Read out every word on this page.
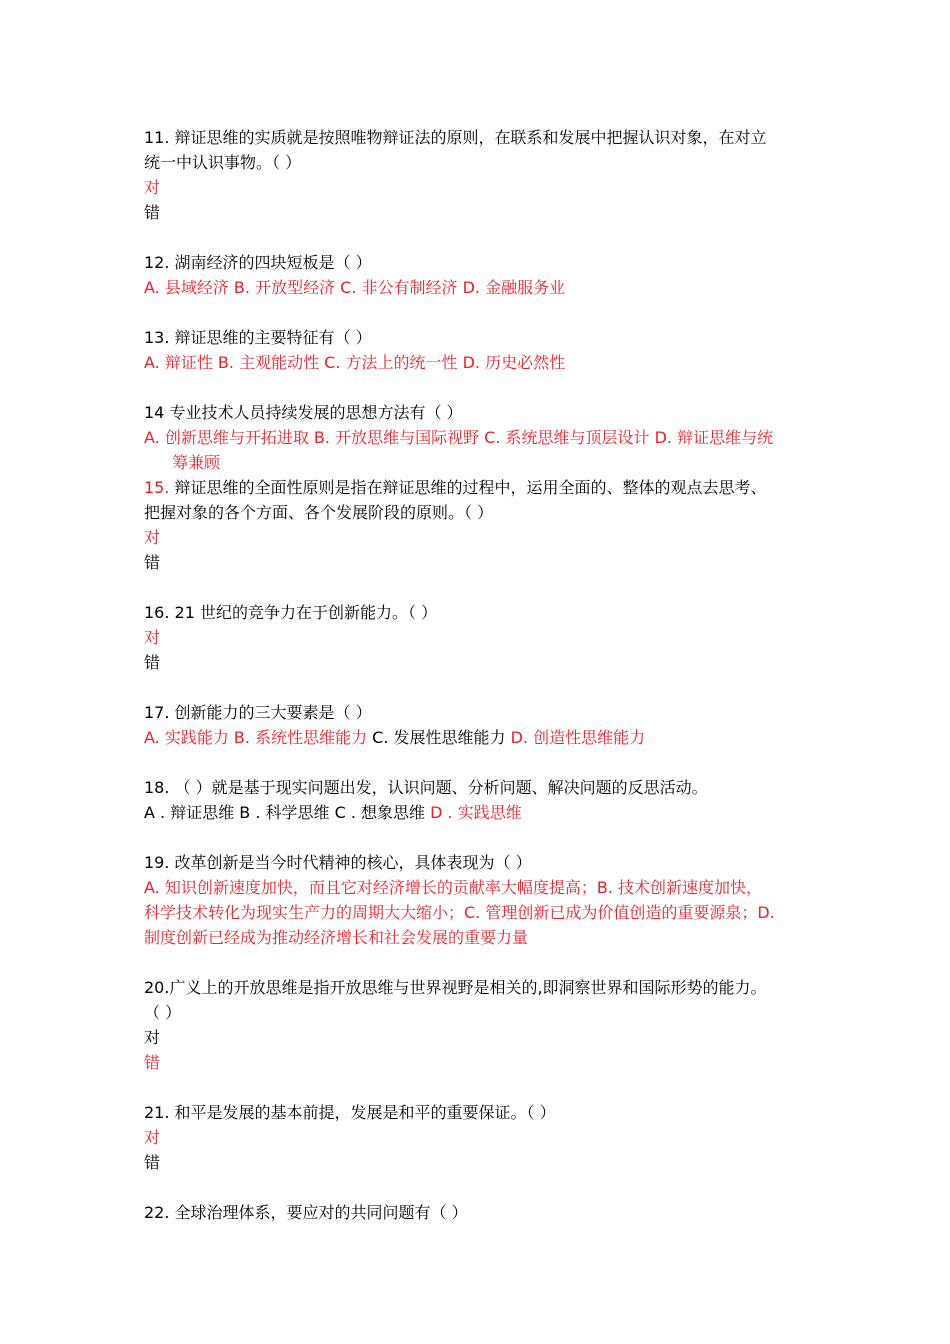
11. 辩证思维的实质就是按照唯物辩证法的原则，在联系和发展中把握认识对象，在对立
统一中认识事物。（ ）
对
错
12. 湖南经济的四块短板是（ ）
A. 县域经济 B. 开放型经济 C. 非公有制经济 D. 金融服务业
13. 辩证思维的主要特征有（ ）
A. 辩证性 B. 主观能动性 C. 方法上的统一性 D. 历史必然性
14 专业技术人员持续发展的思想方法有（ ）
A. 创新思维与开拓进取 B. 开放思维与国际视野 C. 系统思维与顶层设计 D. 辩证思维与统
筹兼顾
15. 辩证思维的全面性原则是指在辩证思维的过程中，运用全面的、整体的观点去思考、
把握对象的各个方面、各个发展阶段的原则。（ ）
对
错
16. 21 世纪的竞争力在于创新能力。（ ）
对
错
17. 创新能力的三大要素是（ ）
A. 实践能力 B. 系统性思维能力 C. 发展性思维能力 D. 创造性思维能力
18. （ ）就是基于现实问题出发，认识问题、分析问题、解决问题的反思活动。
A . 辩证思维 B . 科学思维 C . 想象思维 D . 实践思维
19. 改革创新是当今时代精神的核心，具体表现为（ ）
A. 知识创新速度加快，而且它对经济增长的贡献率大幅度提高；B. 技术创新速度加快，
科学技术转化为现实生产力的周期大大缩小；C. 管理创新已成为价值创造的重要源泉；D.
制度创新已经成为推动经济增长和社会发展的重要力量
20.广义上的开放思维是指开放思维与世界视野是相关的,即洞察世界和国际形势的能力。
（ ）
对
错
21. 和平是发展的基本前提，发展是和平的重要保证。（ ）
对
错
22. 全球治理体系，要应对的共同问题有（ ）
